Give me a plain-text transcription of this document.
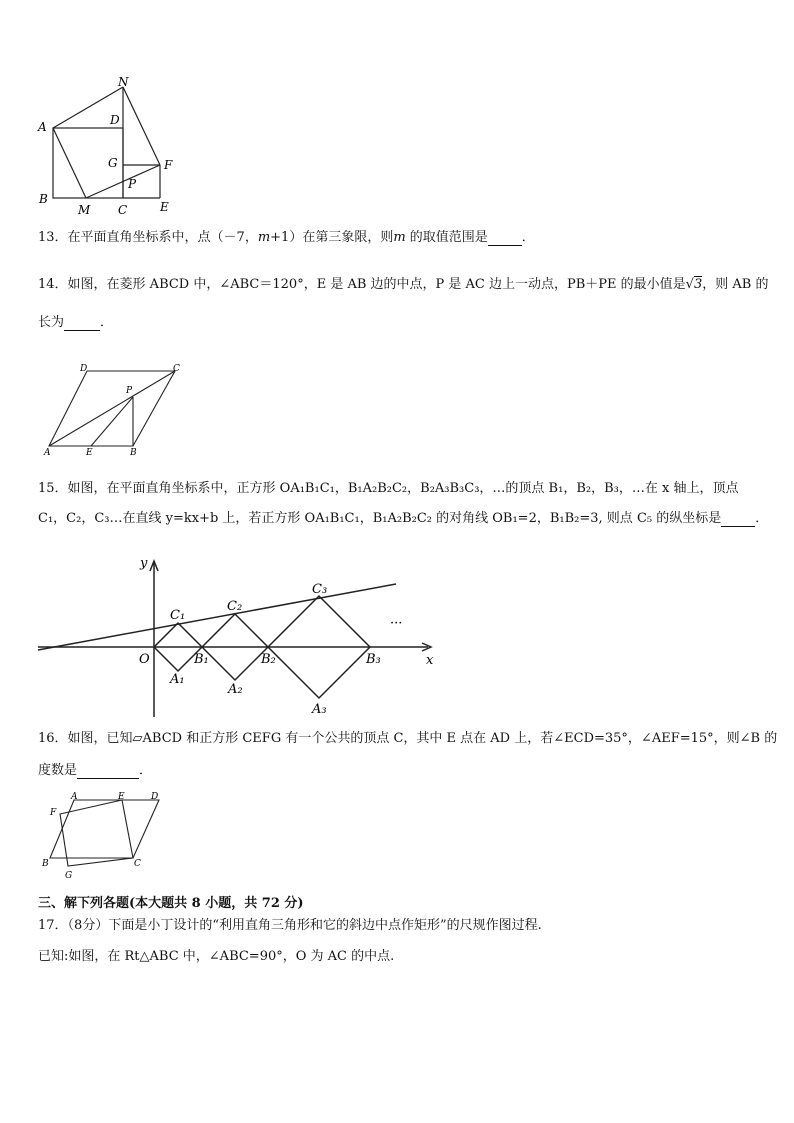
N
A	D
G	F
P
B
M C	E
13．在平面直角坐标系中，点（－7，m+1）在第三象限，则m 的取值范围是	．
14．如图，在菱形 ABCD 中，∠ABC＝120°，E 是 AB 边的中点，P 是 AC 边上一动点，PB＋PE 的最小值是√3，则 AB 的
长为	．
D	C
P
A	E	B
15．如图，在平面直角坐标系中，正方形 OA₁B₁C₁，B₁A₂B₂C₂，B₂A₃B₃C₃，…的顶点 B₁，B₂，B₃，…在 x 轴上，顶点
C₁，C₂，C₃…在直线 y=kx+b 上，若正方形 OA₁B₁C₁，B₁A₂B₂C₂ 的对角线 OB₁=2，B₁B₂=3, 则点 C₅ 的纵坐标是	．
y
x
O
C₁
C₂
C₃
B₁	B₂	B₃
A₁
A₂
A₃
···
16．如图，已知▱ABCD 和正方形 CEFG 有一个公共的顶点 C，其中 E 点在 AD 上，若∠ECD=35°，∠AEF=15°，则∠B 的
度数是	．
A	E	D
F
B
G
C
三、解下列各题(本大题共 8 小题，共 72 分)
17．（8分）下面是小丁设计的“利用直角三角形和它的斜边中点作矩形”的尺规作图过程.
已知:如图，在 Rt△ABC 中，∠ABC=90°，O 为 AC 的中点.
